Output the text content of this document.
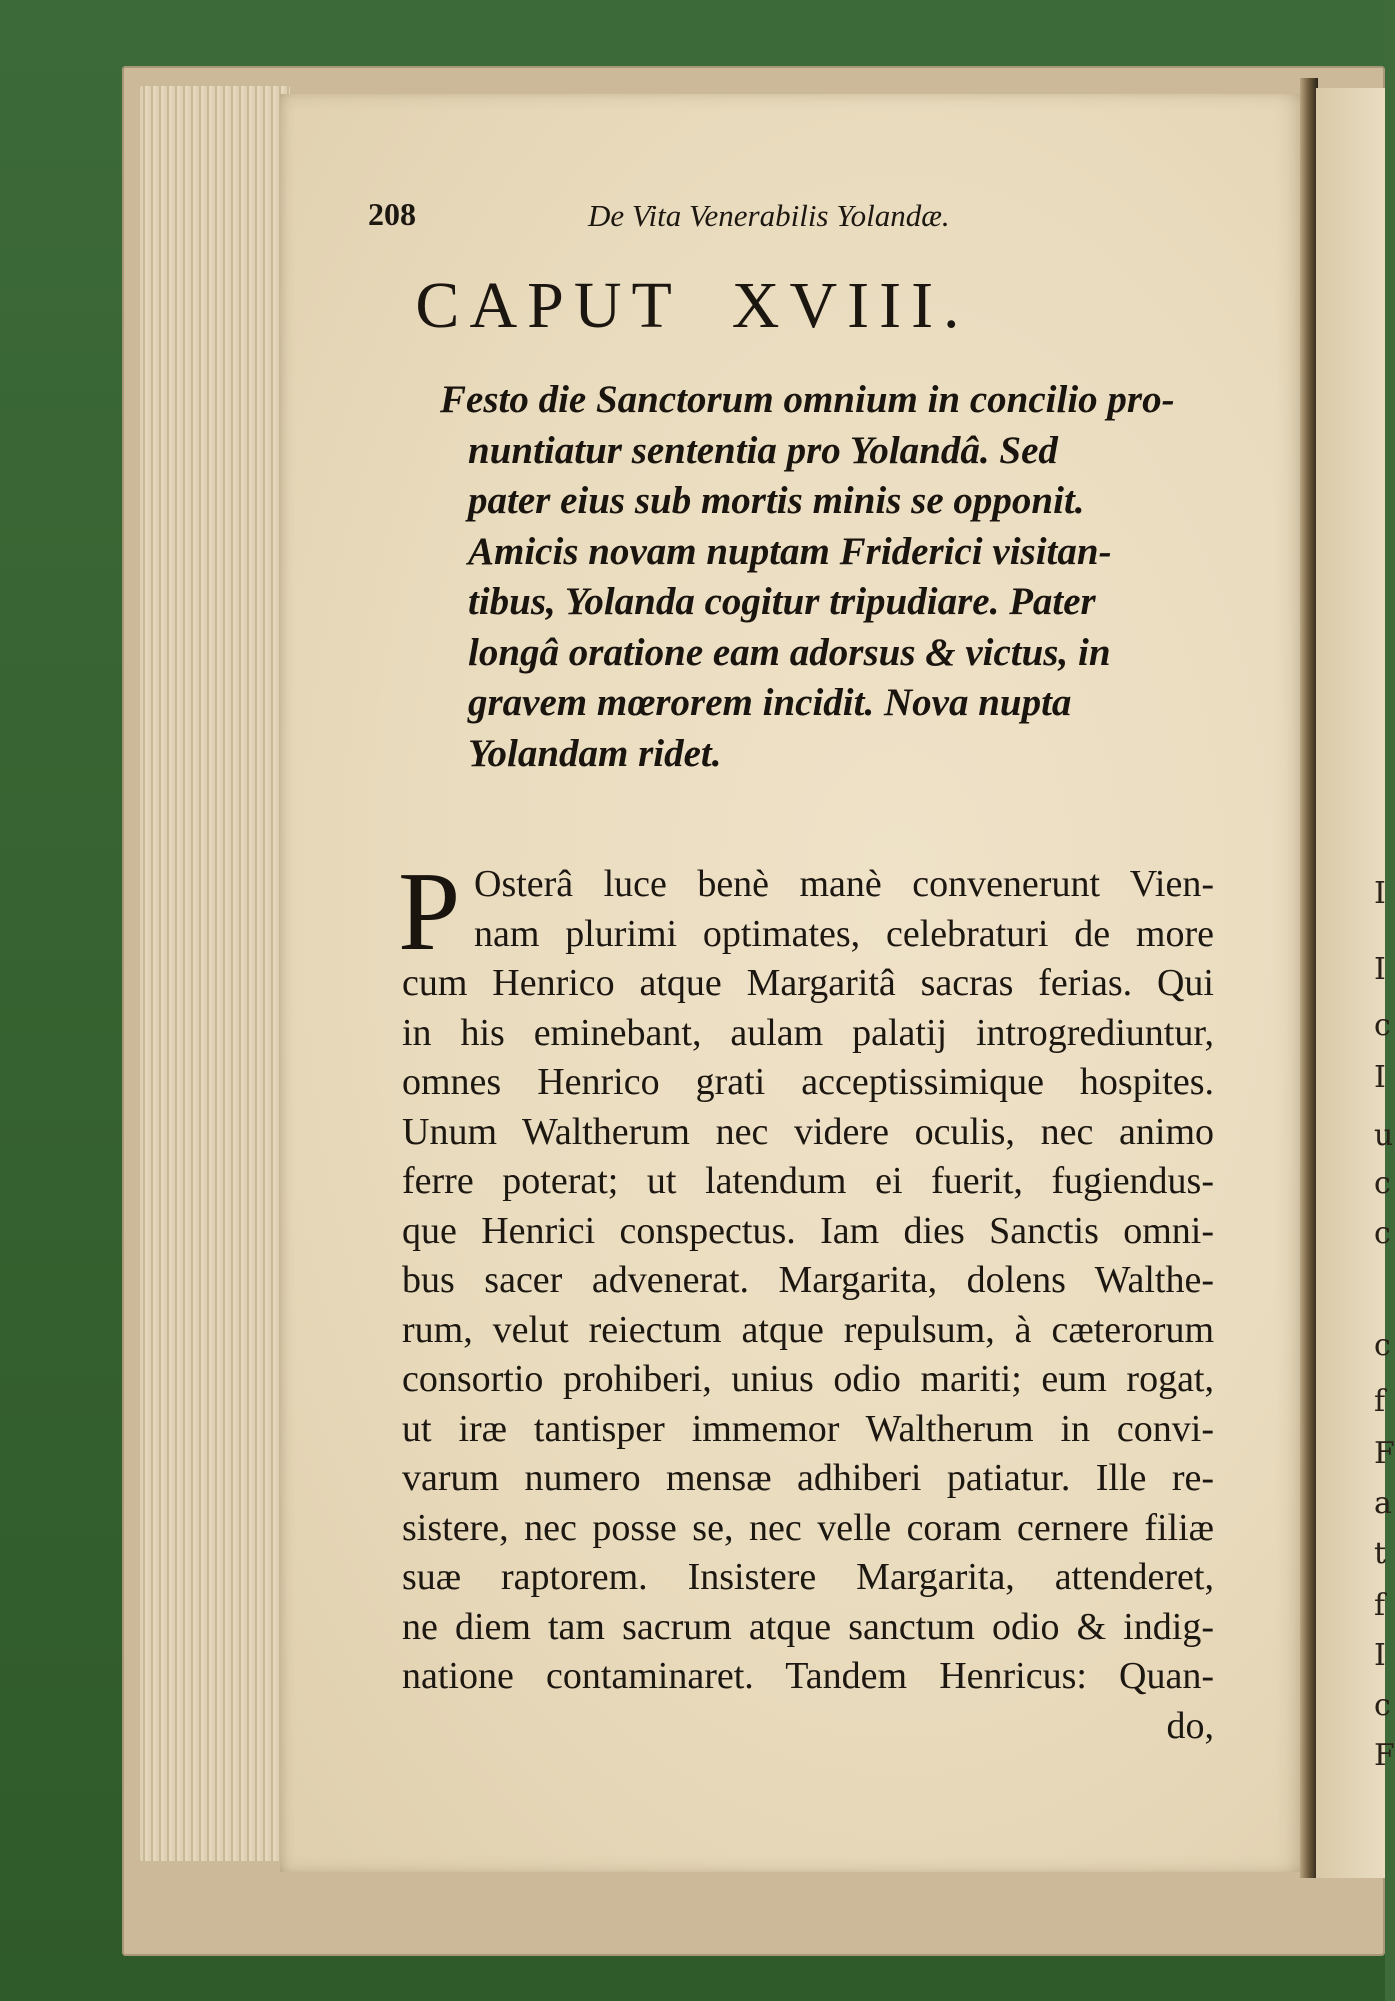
I
I
c
I
u
c
c
c
f
F
a
t
f
I
c
F
208	De Vita Venerabilis Yolandæ.
CAPUT XVIII.
Festo die Sanctorum omnium in concilio pro-
nuntiatur sententia pro Yolandâ. Sed
pater eius sub mortis minis se opponit.
Amicis novam nuptam Friderici visitan-
tibus, Yolanda cogitur tripudiare. Pater
longâ oratione eam adorsus & victus, in
gravem mœrorem incidit. Nova nupta
Yolandam ridet.
P Osterâ luce benè manè convenerunt Vien-
nam plurimi optimates, celebraturi de more
cum Henrico atque Margaritâ sacras ferias. Qui
in his eminebant, aulam palatij introgrediuntur,
omnes Henrico grati acceptissimique hospites.
Unum Waltherum nec videre oculis, nec animo
ferre poterat; ut latendum ei fuerit, fugiendus-
que Henrici conspectus. Iam dies Sanctis omni-
bus sacer advenerat. Margarita, dolens Walthe-
rum, velut reiectum atque repulsum, à cæterorum
consortio prohiberi, unius odio mariti; eum rogat,
ut iræ tantisper immemor Waltherum in convi-
varum numero mensæ adhiberi patiatur. Ille re-
sistere, nec posse se, nec velle coram cernere filiæ
suæ raptorem. Insistere Margarita, attenderet,
ne diem tam sacrum atque sanctum odio & indig-
natione contaminaret. Tandem Henricus: Quan-
do,
